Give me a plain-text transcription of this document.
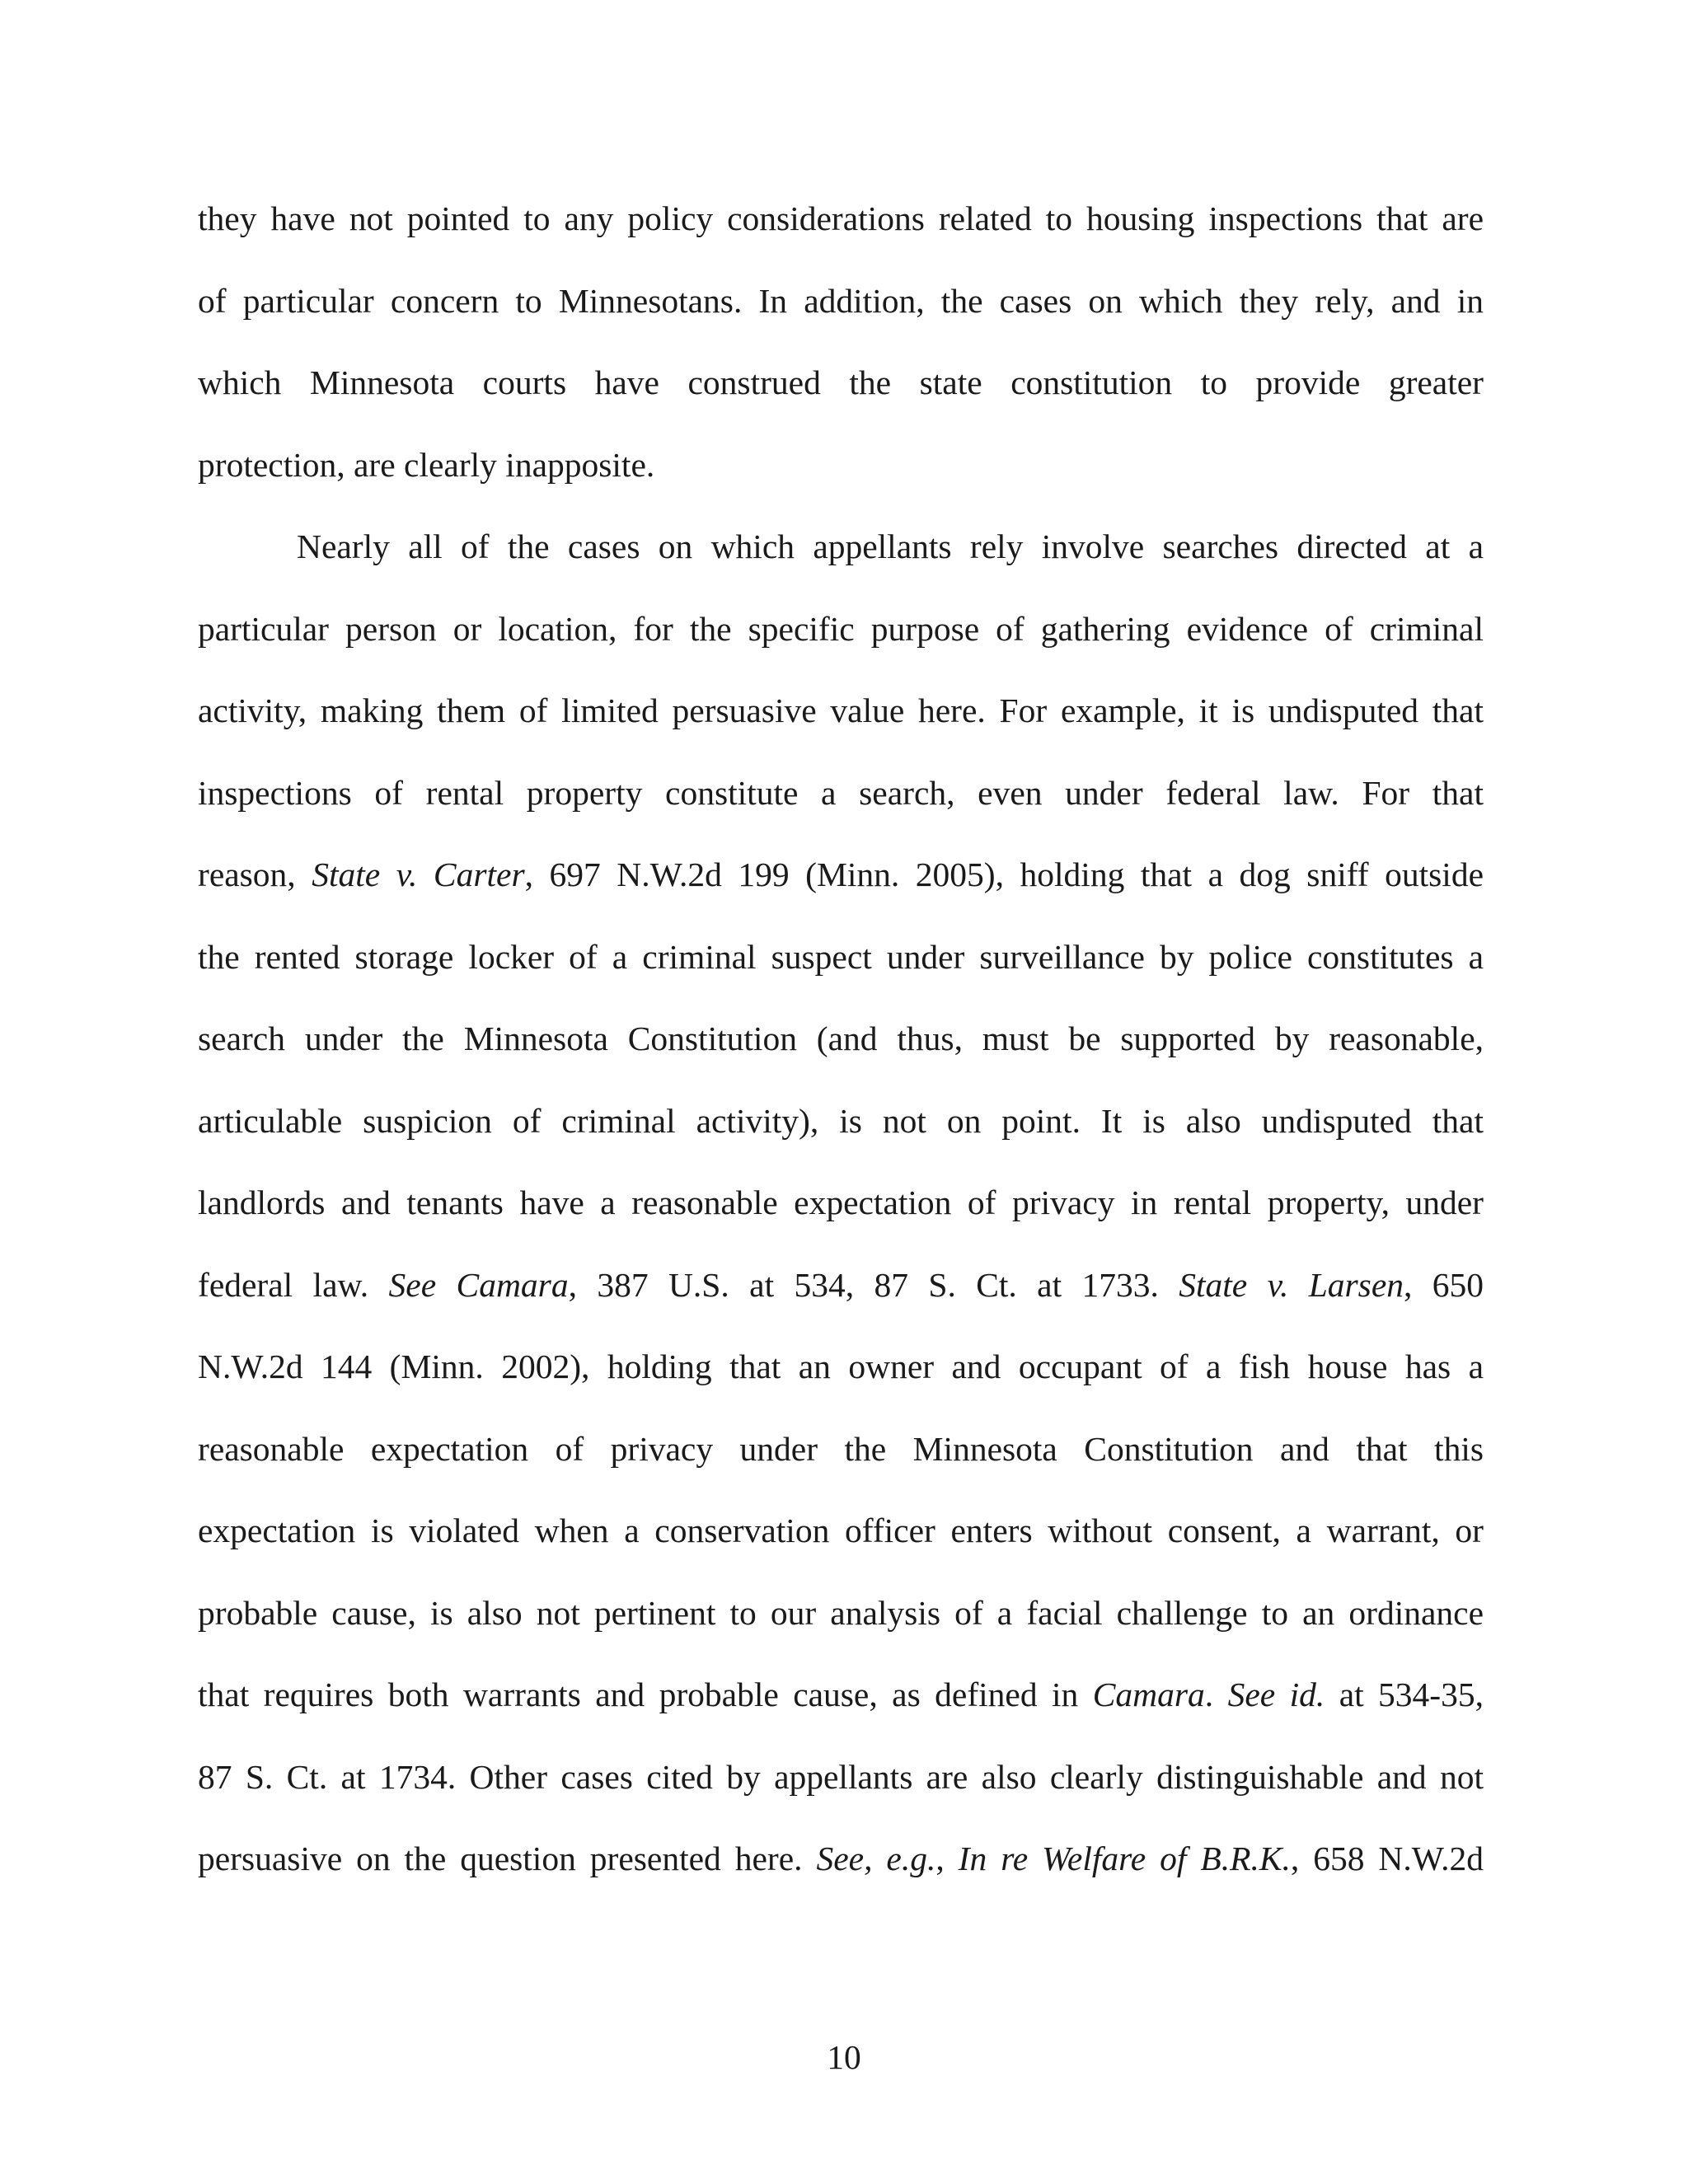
they have not pointed to any policy considerations related to housing inspections that are
of particular concern to Minnesotans. In addition, the cases on which they rely, and in
which Minnesota courts have construed the state constitution to provide greater
protection, are clearly inapposite.
Nearly all of the cases on which appellants rely involve searches directed at a
particular person or location, for the specific purpose of gathering evidence of criminal
activity, making them of limited persuasive value here. For example, it is undisputed that
inspections of rental property constitute a search, even under federal law. For that
reason, State v. Carter, 697 N.W.2d 199 (Minn. 2005), holding that a dog sniff outside
the rented storage locker of a criminal suspect under surveillance by police constitutes a
search under the Minnesota Constitution (and thus, must be supported by reasonable,
articulable suspicion of criminal activity), is not on point. It is also undisputed that
landlords and tenants have a reasonable expectation of privacy in rental property, under
federal law. See Camara, 387 U.S. at 534, 87 S. Ct. at 1733. State v. Larsen, 650
N.W.2d 144 (Minn. 2002), holding that an owner and occupant of a fish house has a
reasonable expectation of privacy under the Minnesota Constitution and that this
expectation is violated when a conservation officer enters without consent, a warrant, or
probable cause, is also not pertinent to our analysis of a facial challenge to an ordinance
that requires both warrants and probable cause, as defined in Camara. See id. at 534-35,
87 S. Ct. at 1734. Other cases cited by appellants are also clearly distinguishable and not
persuasive on the question presented here. See, e.g., In re Welfare of B.R.K., 658 N.W.2d
10
